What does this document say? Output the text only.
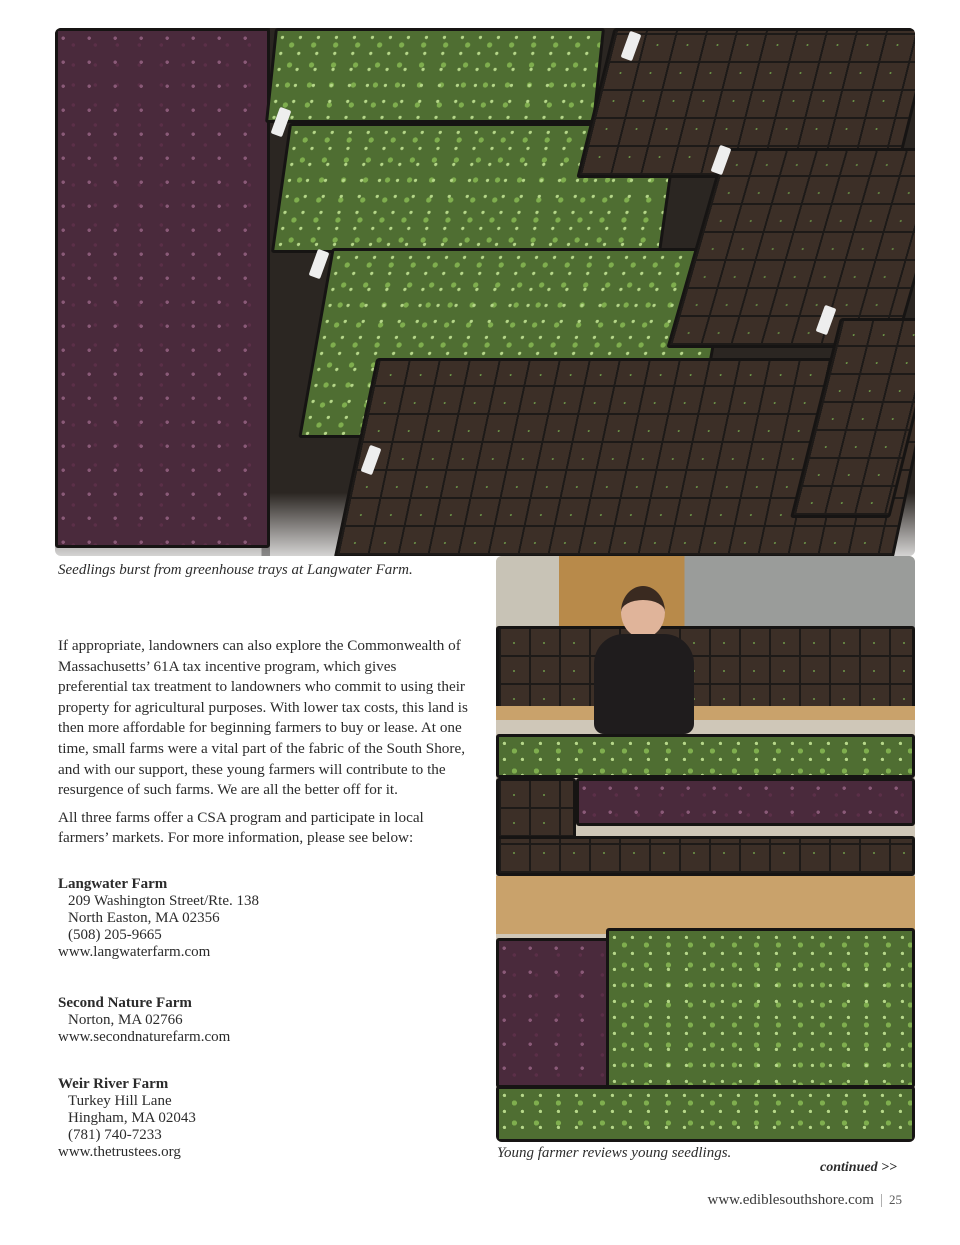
Seedlings burst from greenhouse trays at Langwater Farm.
Young farmer reviews young seedlings.

If appropriate, landowners can also explore the Commonwealth of Massachusetts’ 61A tax incentive program, which gives preferential tax treatment to landowners who commit to using their property for agricultural purposes. With lower tax costs, this land is then more affordable for beginning farmers to buy or lease. At one time, small farms were a vital part of the fabric of the South Shore, and with our support, these young farmers will contribute to the resurgence of such farms. We are all the better off for it.

All three farms offer a CSA program and participate in local farmers’ markets. For more information, please see below:

Langwater Farm
209 Washington Street/Rte. 138
North Easton, MA 02356
(508) 205-9665
www.langwaterfarm.com
Second Nature Farm
Norton, MA 02766
www.secondnaturefarm.com
Weir River Farm
Turkey Hill Lane
Hingham, MA 02043
(781) 740-7233
www.thetrustees.org
continued >>
www.ediblesouthshore.com | 25
